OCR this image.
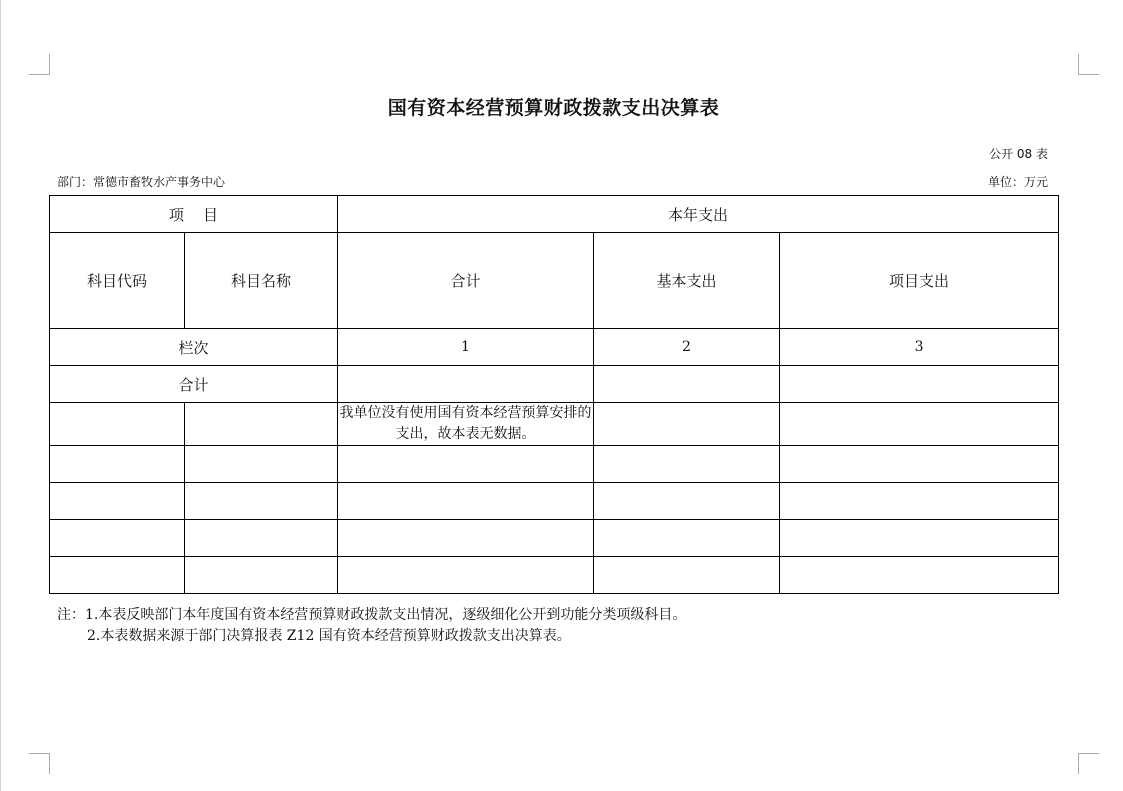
国有资本经营预算财政拨款支出决算表
公开 08 表
部门：常德市畜牧水产事务中心	单位：万元
项    目		本年支出		
科目代码	科目名称	合计	基本支出	项目支出
栏次		1	2	3
合计				
		我单位没有使用国有资本经营预算安排的支出，故本表无数据。		

注：1.本表反映部门本年度国有资本经营预算财政拨款支出情况，逐级细化公开到功能分类项级科目。
2.本表数据来源于部门决算报表 Z12 国有资本经营预算财政拨款支出决算表。
